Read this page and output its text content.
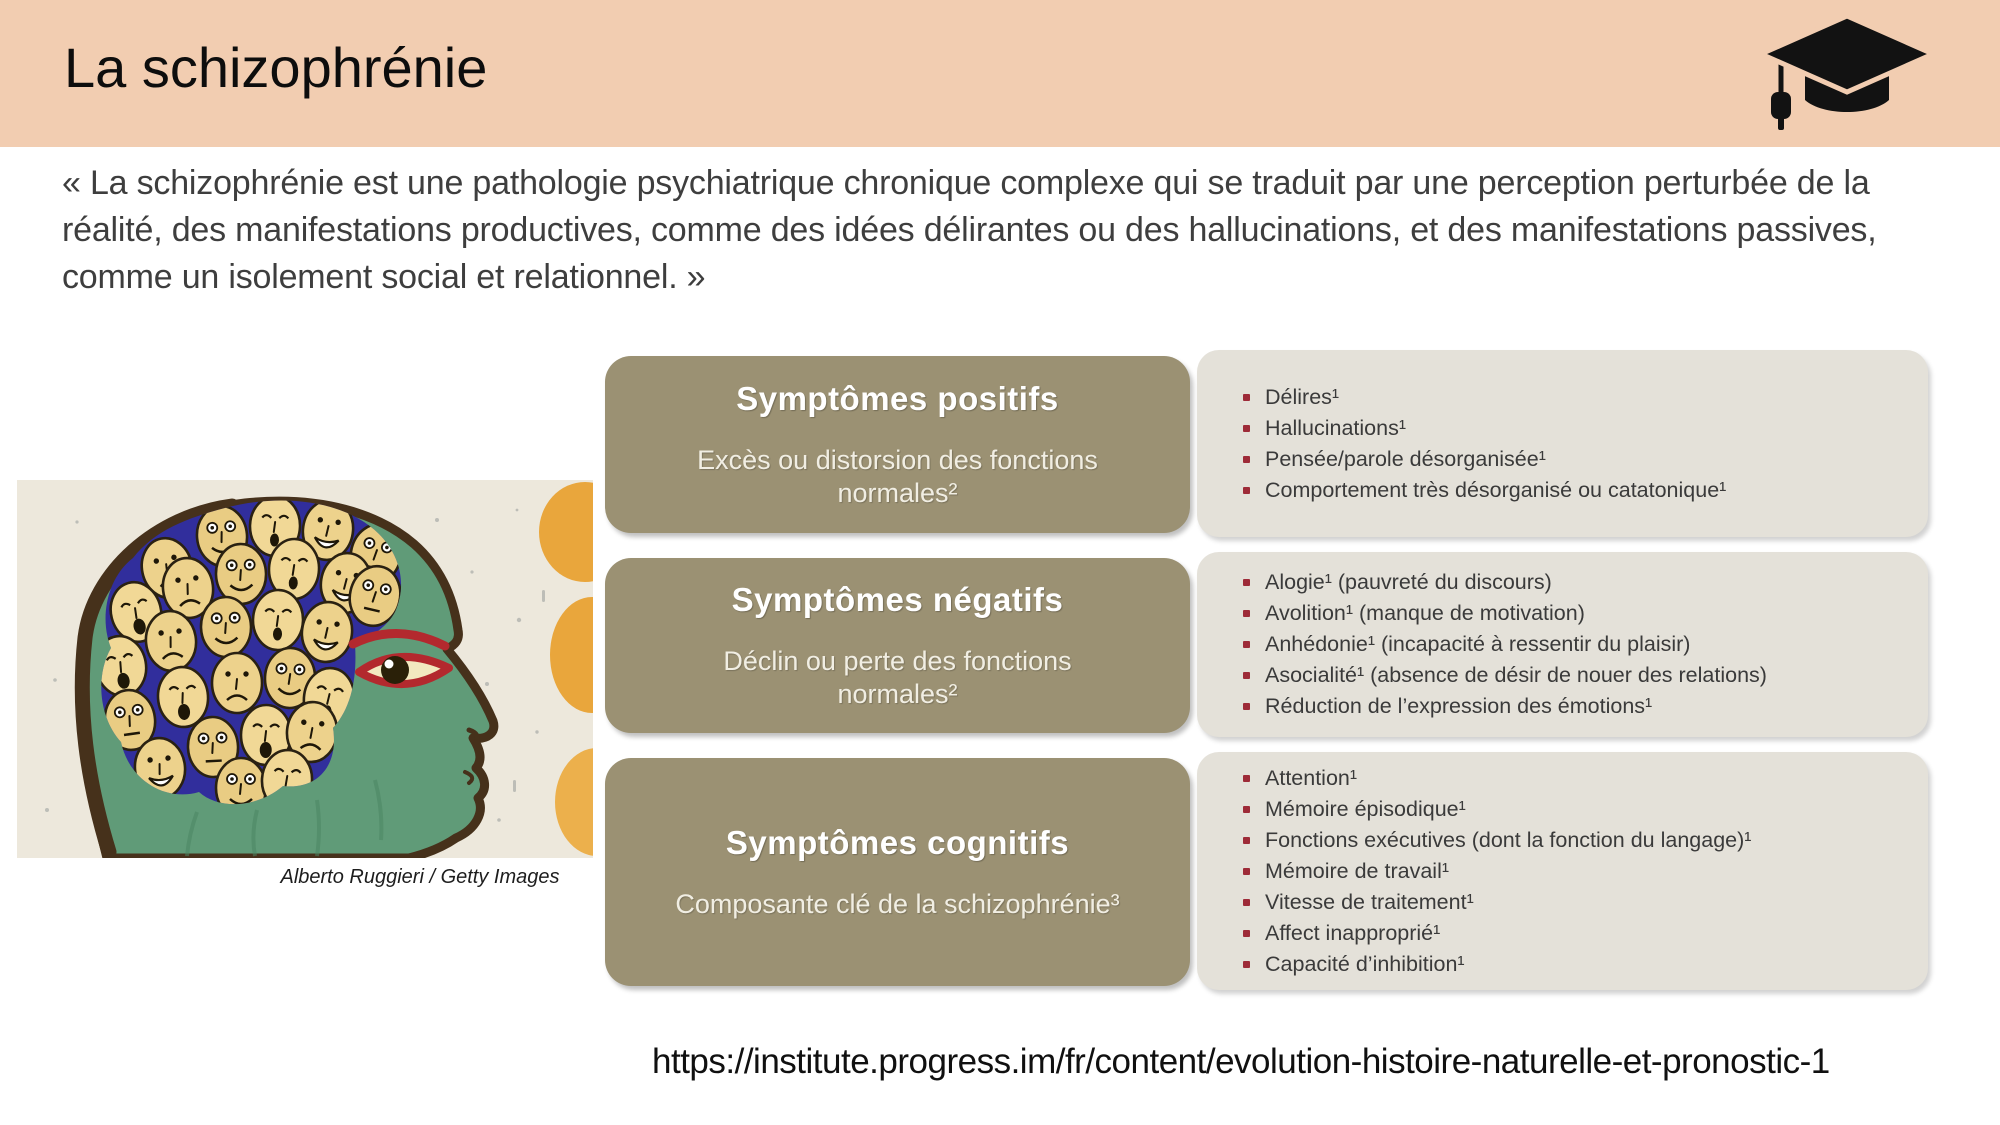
La schizophrénie
« La schizophrénie est une pathologie psychiatrique chronique complexe qui se traduit par une perception perturbée de la réalité, des manifestations productives, comme des idées délirantes ou des hallucinations, et des manifestations passives, comme un isolement social et relationnel. »
Alberto Ruggieri / Getty Images
Symptômes positifs
Excès ou distorsion des fonctions normales²
Délires¹
Hallucinations¹
Pensée/parole désorganisée¹
Comportement très désorganisé ou catatonique¹
Symptômes négatifs
Déclin ou perte des fonctions normales²
Alogie¹ (pauvreté du discours)
Avolition¹ (manque de motivation)
Anhédonie¹ (incapacité à ressentir du plaisir)
Asocialité¹ (absence de désir de nouer des relations)
Réduction de l’expression des émotions¹
Symptômes cognitifs
Composante clé de la schizophrénie³
Attention¹
Mémoire épisodique¹
Fonctions exécutives (dont la fonction du langage)¹
Mémoire de travail¹
Vitesse de traitement¹
Affect inapproprié¹
Capacité d’inhibition¹
https://institute.progress.im/fr/content/evolution-histoire-naturelle-et-pronostic-1
